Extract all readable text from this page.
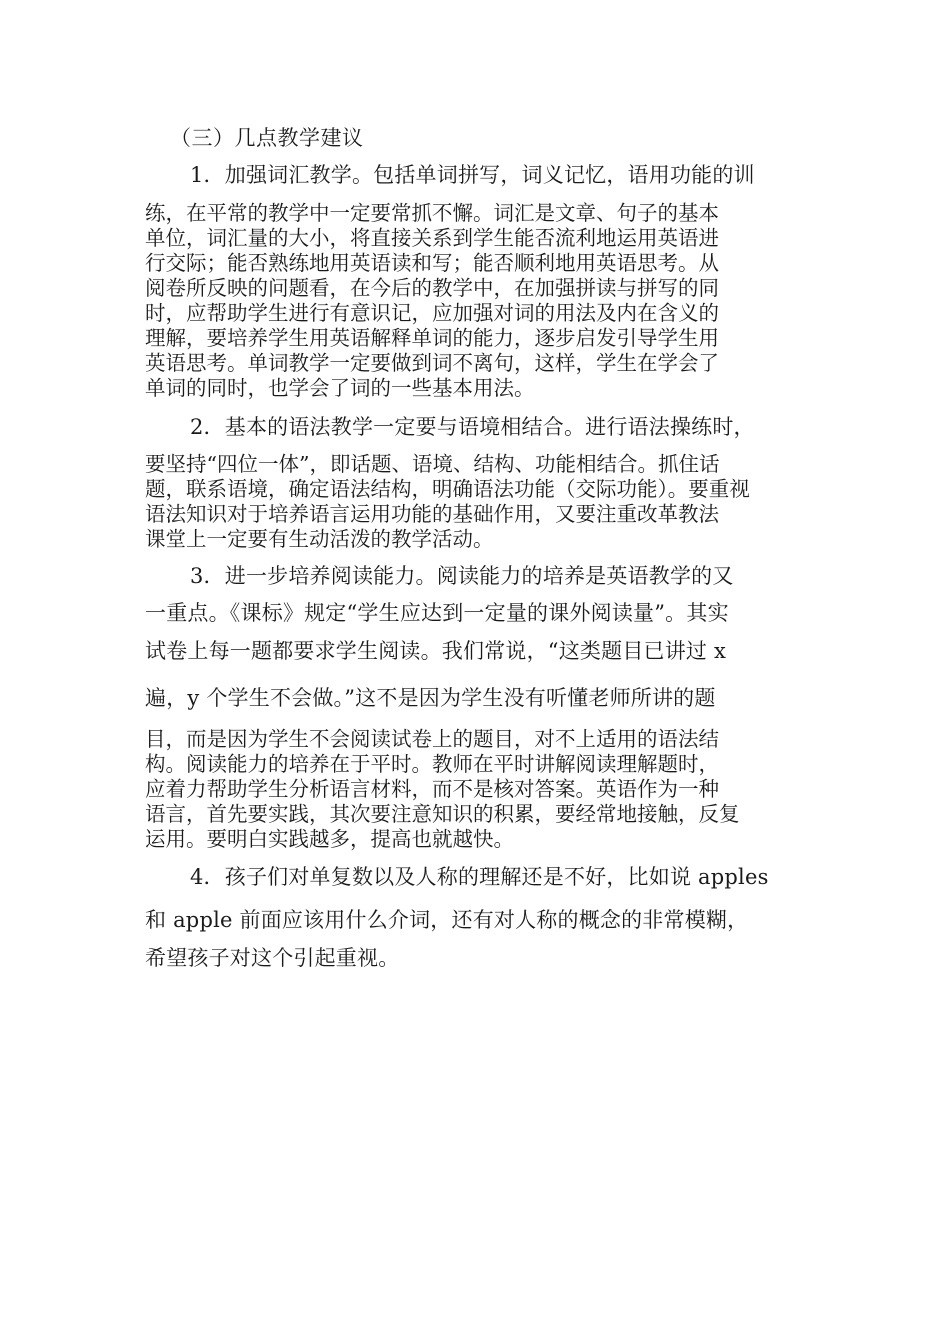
（三）几点教学建议
1．加强词汇教学。包括单词拼写，词义记忆，语用功能的训
练，在平常的教学中一定要常抓不懈。词汇是文章、句子的基本
单位，词汇量的大小，将直接关系到学生能否流利地运用英语进
行交际；能否熟练地用英语读和写；能否顺利地用英语思考。从
阅卷所反映的问题看，在今后的教学中，在加强拼读与拼写的同
时，应帮助学生进行有意识记，应加强对词的用法及内在含义的
理解，要培养学生用英语解释单词的能力，逐步启发引导学生用
英语思考。单词教学一定要做到词不离句，这样，学生在学会了
单词的同时，也学会了词的一些基本用法。
2．基本的语法教学一定要与语境相结合。进行语法操练时，
要坚持“四位一体”，即话题、语境、结构、功能相结合。抓住话
题，联系语境，确定语法结构，明确语法功能（交际功能）。要重视
语法知识对于培养语言运用功能的基础作用，又要注重改革教法
课堂上一定要有生动活泼的教学活动。
3．进一步培养阅读能力。阅读能力的培养是英语教学的又
一重点。《课标》规定“学生应达到一定量的课外阅读量”。其实
试卷上每一题都要求学生阅读。我们常说，“这类题目已讲过 x
遍，y 个学生不会做。”这不是因为学生没有听懂老师所讲的题
目，而是因为学生不会阅读试卷上的题目，对不上适用的语法结
构。阅读能力的培养在于平时。教师在平时讲解阅读理解题时，
应着力帮助学生分析语言材料，而不是核对答案。英语作为一种
语言，首先要实践，其次要注意知识的积累，要经常地接触，反复
运用。要明白实践越多，提高也就越快。
4．孩子们对单复数以及人称的理解还是不好，比如说 apples
和 apple 前面应该用什么介词，还有对人称的概念的非常模糊，
希望孩子对这个引起重视。
